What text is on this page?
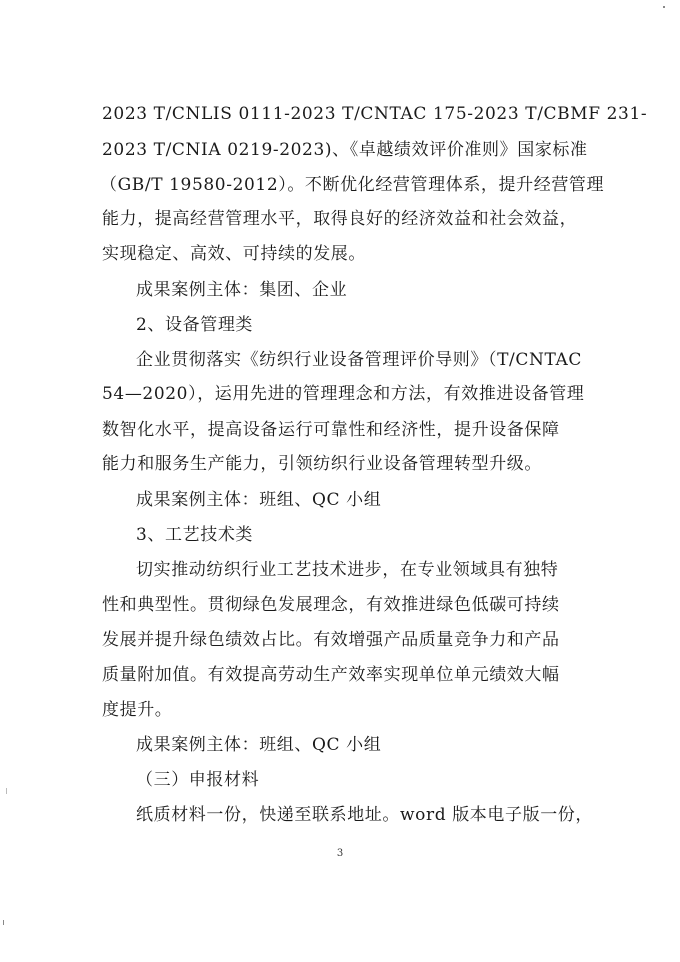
2023 T/CNLIS 0111-2023 T/CNTAC 175-2023 T/CBMF 231-
2023 T/CNIA 0219-2023)、《卓越绩效评价准则》国家标准
（GB/T 19580-2012）。不断优化经营管理体系，提升经营管理
能力，提高经营管理水平，取得良好的经济效益和社会效益，
实现稳定、高效、可持续的发展。
成果案例主体：集团、企业
2、设备管理类
企业贯彻落实《纺织行业设备管理评价导则》（T/CNTAC
54—2020），运用先进的管理理念和方法，有效推进设备管理
数智化水平，提高设备运行可靠性和经济性，提升设备保障
能力和服务生产能力，引领纺织行业设备管理转型升级。
成果案例主体：班组、QC 小组
3、工艺技术类
切实推动纺织行业工艺技术进步，在专业领域具有独特
性和典型性。贯彻绿色发展理念，有效推进绿色低碳可持续
发展并提升绿色绩效占比。有效增强产品质量竞争力和产品
质量附加值。有效提高劳动生产效率实现单位单元绩效大幅
度提升。
成果案例主体：班组、QC 小组
（三）申报材料
纸质材料一份，快递至联系地址。word 版本电子版一份，
3
